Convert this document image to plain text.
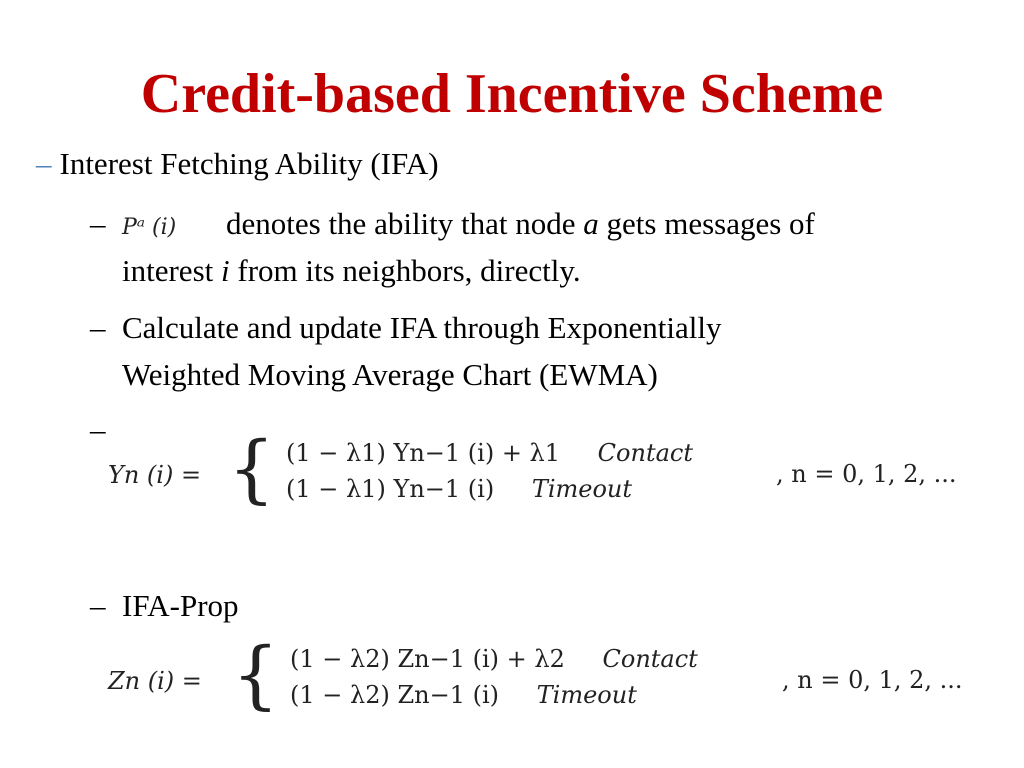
Credit-based Incentive Scheme
– Interest Fetching Ability (IFA)
– Pᵃ (i) denotes the ability that node a gets messages of
interest i from its neighbors, directly.
– Calculate and update IFA through Exponentially
Weighted Moving Average Chart (EWMA)
–
Yn (i) = { (1 − λ1) Yn−1 (i) + λ1 Contact
(1 − λ1) Yn−1 (i) Timeout
, n = 0, 1, 2, ...
– IFA-Prop
Zn (i) = { (1 − λ2) Zn−1 (i) + λ2 Contact
(1 − λ2) Zn−1 (i) Timeout
, n = 0, 1, 2, ...
